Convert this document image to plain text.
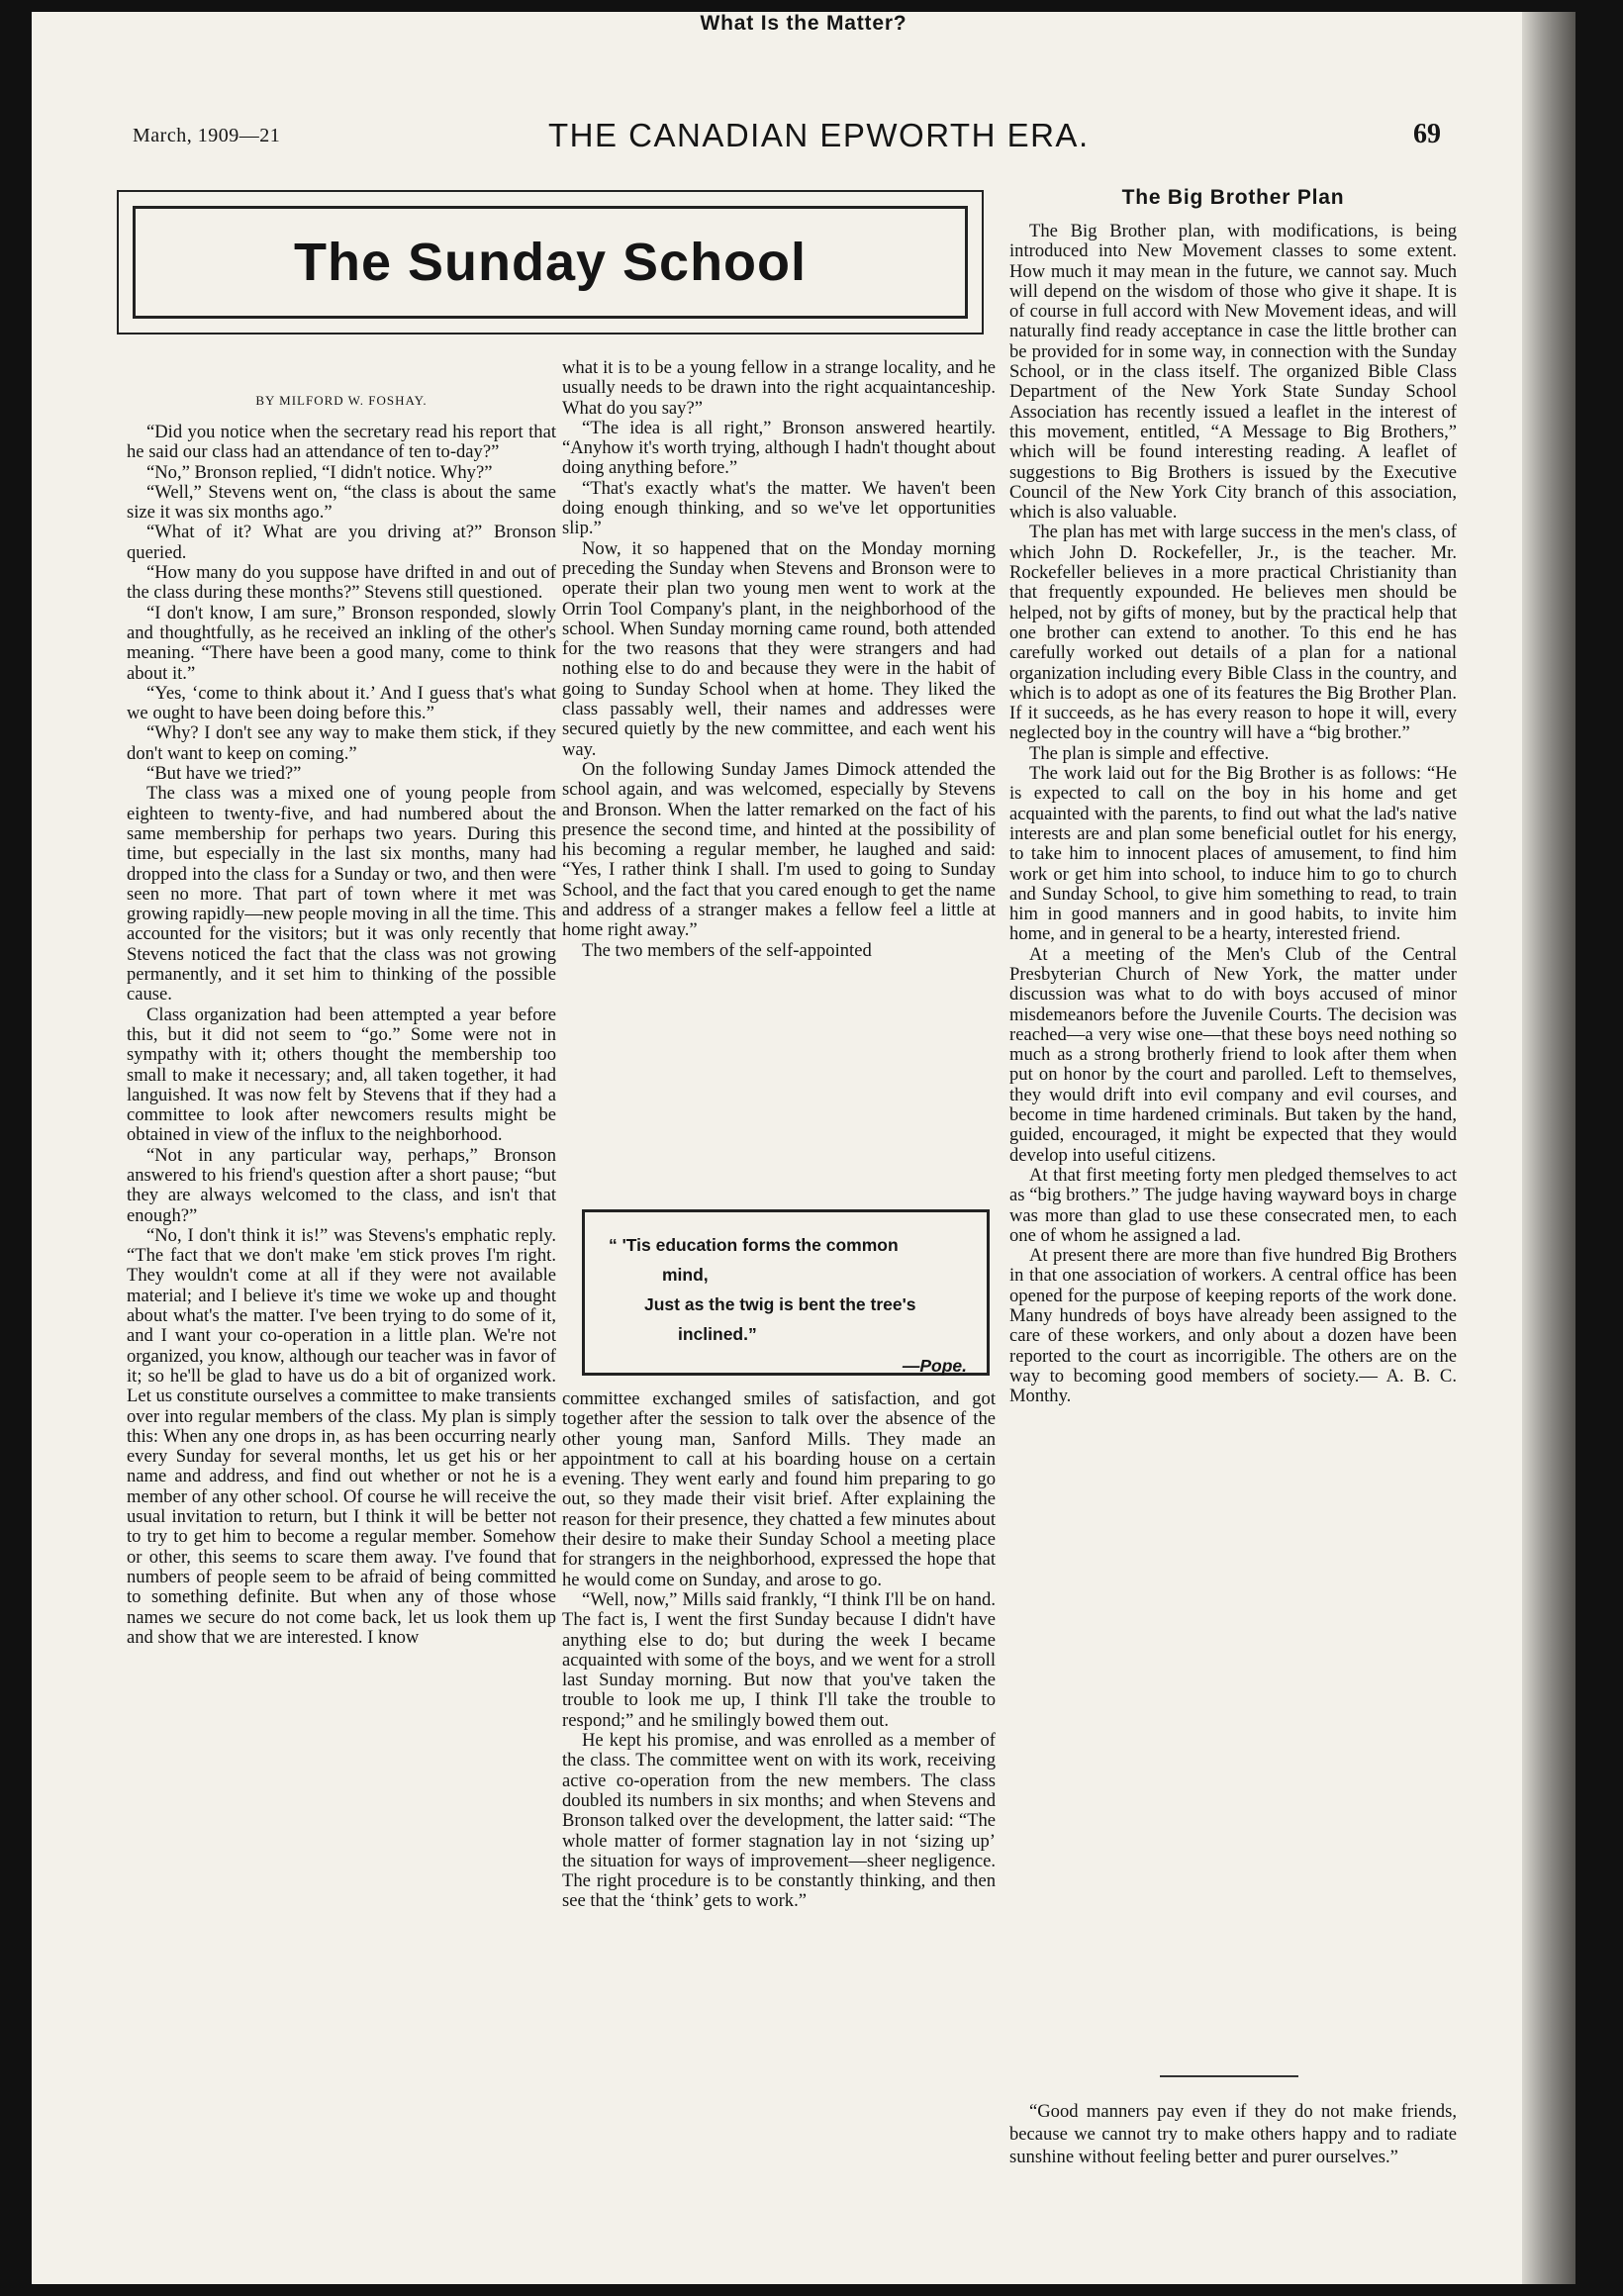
March, 1909—21	THE CANADIAN EPWORTH ERA.	69
The Sunday School
What Is the Matter?
BY MILFORD W. FOSHAY.

“Did you notice when the secretary read his report that he said our class had an attendance of ten to-day?”

“No,” Bronson replied, “I didn't notice. Why?”

“Well,” Stevens went on, “the class is about the same size it was six months ago.”

“What of it? What are you driving at?” Bronson queried.

“How many do you suppose have drifted in and out of the class during these months?” Stevens still questioned.

“I don't know, I am sure,” Bronson responded, slowly and thoughtfully, as he received an inkling of the other's meaning. “There have been a good many, come to think about it.”

“Yes, ‘come to think about it.’ And I guess that's what we ought to have been doing before this.”

“Why? I don't see any way to make them stick, if they don't want to keep on coming.”

“But have we tried?”

The class was a mixed one of young people from eighteen to twenty-five, and had numbered about the same membership for perhaps two years. During this time, but especially in the last six months, many had dropped into the class for a Sunday or two, and then were seen no more. That part of town where it met was growing rapidly—new people moving in all the time. This accounted for the visitors; but it was only recently that Stevens noticed the fact that the class was not growing permanently, and it set him to thinking of the possible cause.

Class organization had been attempted a year before this, but it did not seem to “go.” Some were not in sympathy with it; others thought the membership too small to make it necessary; and, all taken together, it had languished. It was now felt by Stevens that if they had a committee to look after newcomers results might be obtained in view of the influx to the neighborhood.

“Not in any particular way, perhaps,” Bronson answered to his friend's question after a short pause; “but they are always welcomed to the class, and isn't that enough?”

“No, I don't think it is!” was Stevens's emphatic reply. “The fact that we don't make 'em stick proves I'm right. They wouldn't come at all if they were not available material; and I believe it's time we woke up and thought about what's the matter. I've been trying to do some of it, and I want your co-operation in a little plan. We're not organized, you know, although our teacher was in favor of it; so he'll be glad to have us do a bit of organized work. Let us constitute ourselves a committee to make transients over into regular members of the class. My plan is simply this: When any one drops in, as has been occurring nearly every Sunday for several months, let us get his or her name and address, and find out whether or not he is a member of any other school. Of course he will receive the usual invitation to return, but I think it will be better not to try to get him to become a regular member. Somehow or other, this seems to scare them away. I've found that numbers of people seem to be afraid of being committed to something definite. But when any of those whose names we secure do not come back, let us look them up and show that we are interested. I know

what it is to be a young fellow in a strange locality, and he usually needs to be drawn into the right acquaintanceship. What do you say?”

“The idea is all right,” Bronson answered heartily. “Anyhow it's worth trying, although I hadn't thought about doing anything before.”

“That's exactly what's the matter. We haven't been doing enough thinking, and so we've let opportunities slip.”

Now, it so happened that on the Monday morning preceding the Sunday when Stevens and Bronson were to operate their plan two young men went to work at the Orrin Tool Company's plant, in the neighborhood of the school. When Sunday morning came round, both attended for the two reasons that they were strangers and had nothing else to do and because they were in the habit of going to Sunday School when at home. They liked the class passably well, their names and addresses were secured quietly by the new committee, and each went his way.

On the following Sunday James Dimock attended the school again, and was welcomed, especially by Stevens and Bronson. When the latter remarked on the fact of his presence the second time, and hinted at the possibility of his becoming a regular member, he laughed and said: “Yes, I rather think I shall. I'm used to going to Sunday School, and the fact that you cared enough to get the name and address of a stranger makes a fellow feel a little at home right away.”

The two members of the self-appointed

“ 'Tis education forms the common
mind,
Just as the twig is bent the tree's
inclined.”
—Pope.

committee exchanged smiles of satisfaction, and got together after the session to talk over the absence of the other young man, Sanford Mills. They made an appointment to call at his boarding house on a certain evening. They went early and found him preparing to go out, so they made their visit brief. After explaining the reason for their presence, they chatted a few minutes about their desire to make their Sunday School a meeting place for strangers in the neighborhood, expressed the hope that he would come on Sunday, and arose to go.

“Well, now,” Mills said frankly, “I think I'll be on hand. The fact is, I went the first Sunday because I didn't have anything else to do; but during the week I became acquainted with some of the boys, and we went for a stroll last Sunday morning. But now that you've taken the trouble to look me up, I think I'll take the trouble to respond;” and he smilingly bowed them out.

He kept his promise, and was enrolled as a member of the class. The committee went on with its work, receiving active co-operation from the new members. The class doubled its numbers in six months; and when Stevens and Bronson talked over the development, the latter said: “The whole matter of former stagnation lay in not ‘sizing up’ the situation for ways of improvement—sheer negligence. The right procedure is to be constantly thinking, and then see that the ‘think’ gets to work.”

The Big Brother Plan

The Big Brother plan, with modifications, is being introduced into New Movement classes to some extent. How much it may mean in the future, we cannot say. Much will depend on the wisdom of those who give it shape. It is of course in full accord with New Movement ideas, and will naturally find ready acceptance in case the little brother can be provided for in some way, in connection with the Sunday School, or in the class itself. The organized Bible Class Department of the New York State Sunday School Association has recently issued a leaflet in the interest of this movement, entitled, “A Message to Big Brothers,” which will be found interesting reading. A leaflet of suggestions to Big Brothers is issued by the Executive Council of the New York City branch of this association, which is also valuable.

The plan has met with large success in the men's class, of which John D. Rockefeller, Jr., is the teacher. Mr. Rockefeller believes in a more practical Christianity than that frequently expounded. He believes men should be helped, not by gifts of money, but by the practical help that one brother can extend to another. To this end he has carefully worked out details of a plan for a national organization including every Bible Class in the country, and which is to adopt as one of its features the Big Brother Plan. If it succeeds, as he has every reason to hope it will, every neglected boy in the country will have a “big brother.”

The plan is simple and effective.

The work laid out for the Big Brother is as follows: “He is expected to call on the boy in his home and get acquainted with the parents, to find out what the lad's native interests are and plan some beneficial outlet for his energy, to take him to innocent places of amusement, to find him work or get him into school, to induce him to go to church and Sunday School, to give him something to read, to train him in good manners and in good habits, to invite him home, and in general to be a hearty, interested friend.

At a meeting of the Men's Club of the Central Presbyterian Church of New York, the matter under discussion was what to do with boys accused of minor misdemeanors before the Juvenile Courts. The decision was reached—a very wise one—that these boys need nothing so much as a strong brotherly friend to look after them when put on honor by the court and parolled. Left to themselves, they would drift into evil company and evil courses, and become in time hardened criminals. But taken by the hand, guided, encouraged, it might be expected that they would develop into useful citizens.

At that first meeting forty men pledged themselves to act as “big brothers.” The judge having wayward boys in charge was more than glad to use these consecrated men, to each one of whom he assigned a lad.

At present there are more than five hundred Big Brothers in that one association of workers. A central office has been opened for the purpose of keeping reports of the work done. Many hundreds of boys have already been assigned to the care of these workers, and only about a dozen have been reported to the court as incorrigible. The others are on the way to becoming good members of society.— A. B. C. Monthy.

“Good manners pay even if they do not make friends, because we cannot try to make others happy and to radiate sunshine without feeling better and purer ourselves.”
